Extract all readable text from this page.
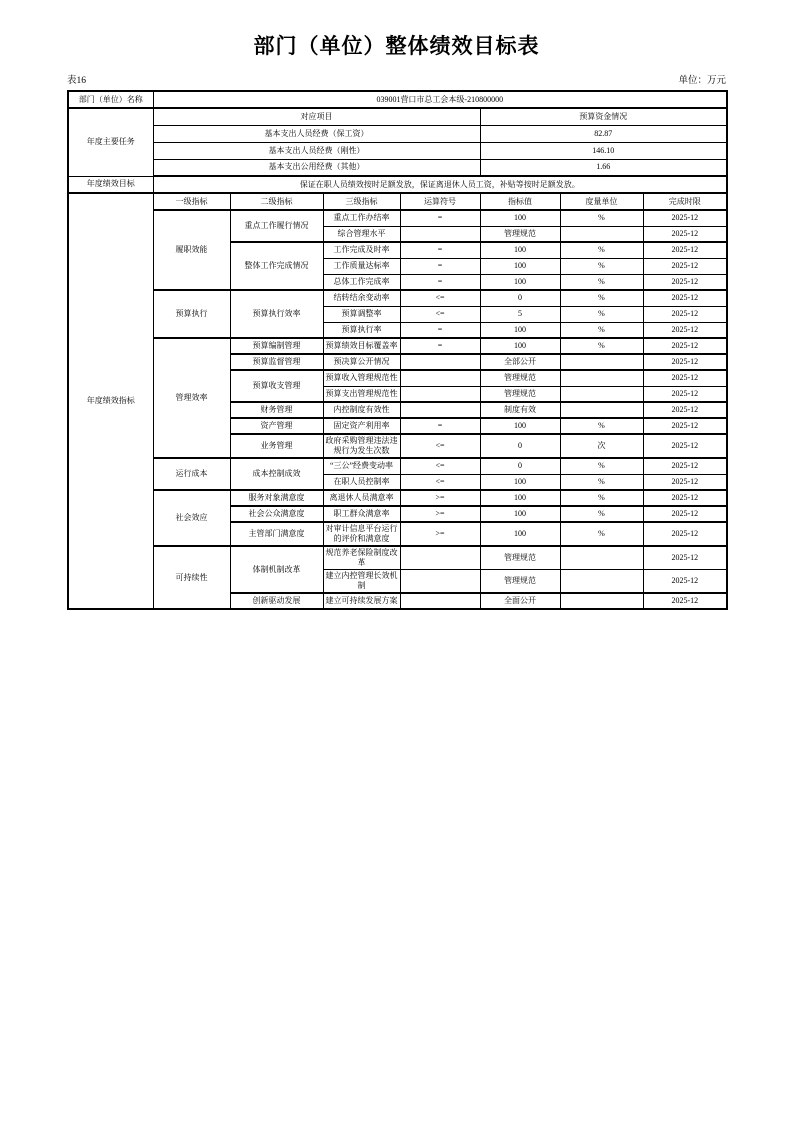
部门（单位）整体绩效目标表
表16	单位：万元
部门（单位）名称	039001营口市总工会本级-210800000						
年度主要任务	对应项目				预算资金情况		
	基本支出人员经费（保工资）				82.87		
	基本支出人员经费（刚性）				146.10		
	基本支出公用经费（其他）				1.66		
年度绩效目标	保证在职人员绩效按时足额发放，保证离退休人员工资，补贴等按时足额发放。						
年度绩效指标	一级指标	二级指标	三级指标	运算符号	指标值	度量单位	完成时限
	履职效能	重点工作履行情况	重点工作办结率	=	100	%	2025-12
			综合管理水平		管理规范		2025-12
		整体工作完成情况	工作完成及时率	=	100	%	2025-12
			工作质量达标率	=	100	%	2025-12
			总体工作完成率	=	100	%	2025-12
	预算执行	预算执行效率	结转结余变动率	<=	0	%	2025-12
			预算调整率	<=	5	%	2025-12
			预算执行率	=	100	%	2025-12
	管理效率	预算编制管理	预算绩效目标覆盖率	=	100	%	2025-12
		预算监督管理	预决算公开情况		全部公开		2025-12
		预算收支管理	预算收入管理规范性		管理规范		2025-12
			预算支出管理规范性		管理规范		2025-12
		财务管理	内控制度有效性		制度有效		2025-12
		资产管理	固定资产利用率	=	100	%	2025-12
		业务管理	政府采购管理违法违规行为发生次数	<=	0	次	2025-12
	运行成本	成本控制成效	“三公”经费变动率	<=	0	%	2025-12
			在职人员控制率	<=	100	%	2025-12
	社会效应	服务对象满意度	离退休人员满意率	>=	100	%	2025-12
		社会公众满意度	职工群众满意率	>=	100	%	2025-12
		主管部门满意度	对审计信息平台运行的评价和满意度	>=	100	%	2025-12
	可持续性	体制机制改革	规范养老保险制度改革		管理规范		2025-12
			建立内控管理长效机制		管理规范		2025-12
		创新驱动发展	建立可持续发展方案		全面公开		2025-12
